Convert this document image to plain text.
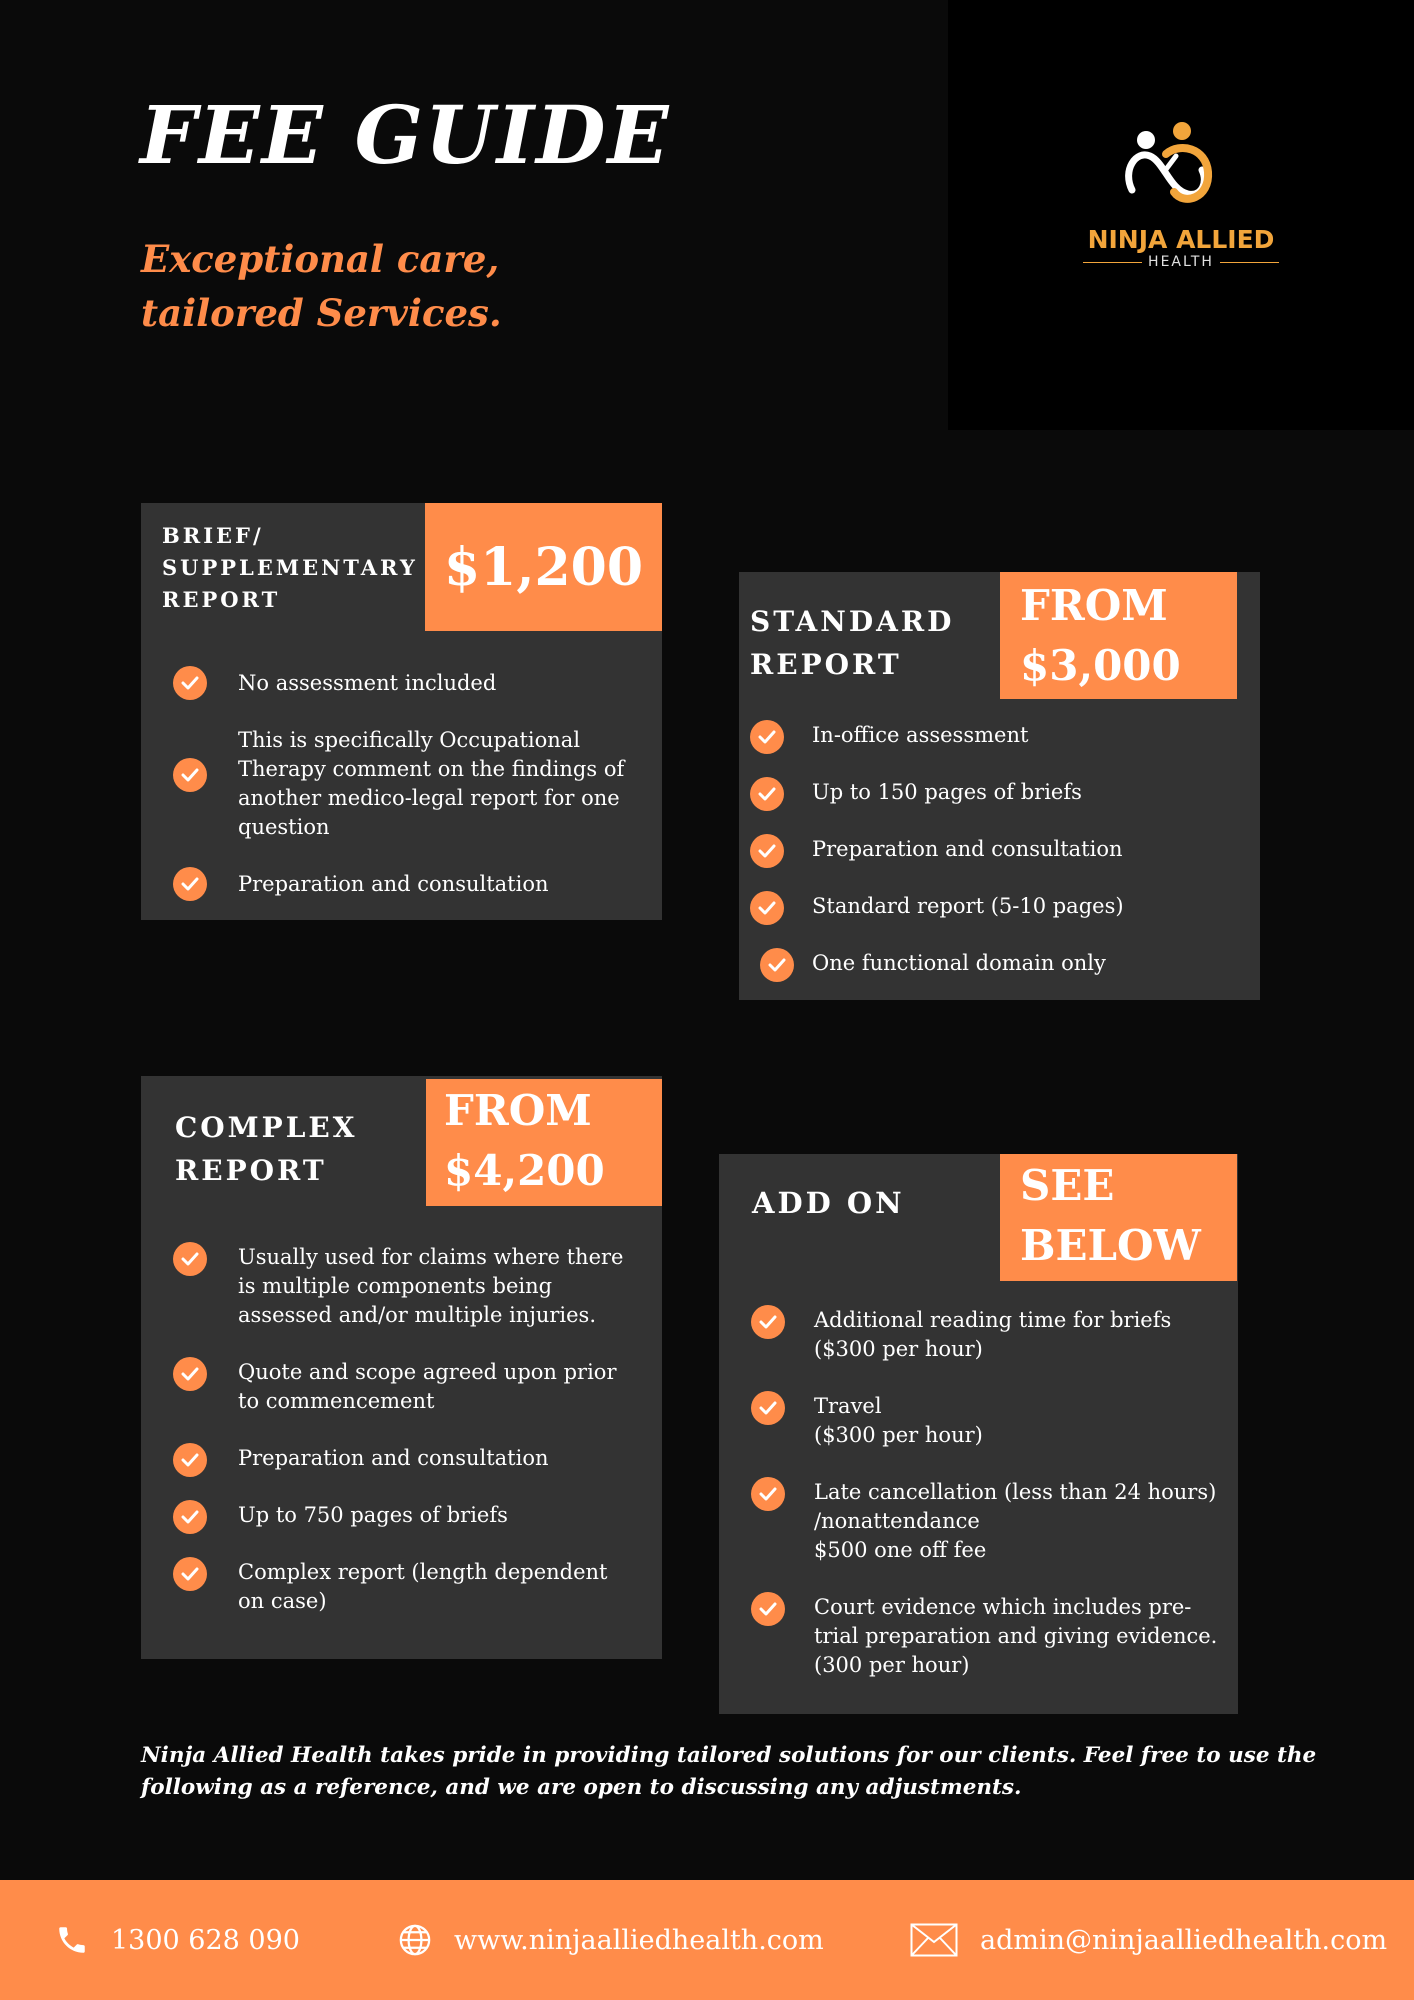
FEE GUIDE

Exceptional care,
tailored Services.

NINJA ALLIED
HEALTH

BRIEF/
SUPPLEMENTARY
REPORT

$1,200
No assessment included
This is specifically Occupational Therapy comment on the findings of another medico-legal report for one question
Preparation and consultation

STANDARD
REPORT

FROM
$3,000
In-office assessment
Up to 150 pages of briefs
Preparation and consultation
Standard report (5-10 pages)
One functional domain only

COMPLEX
REPORT

FROM
$4,200
Usually used for claims where there is multiple components being assessed and/or multiple injuries.
Quote and scope agreed upon prior to commencement
Preparation and consultation
Up to 750 pages of briefs
Complex report (length dependent on case)

ADD ON	SEE
BELOW
Additional reading time for briefs
($300 per hour)
Travel
($300 per hour)
Late cancellation (less than 24 hours)
/nonattendance
$500 one off fee
Court evidence which includes pre-
trial preparation and giving evidence.
(300 per hour)

Ninja Allied Health takes pride in providing tailored solutions for our clients. Feel free to use the following as a reference, and we are open to discussing any adjustments.

1300 628 090	www.ninjaalliedhealth.com	admin@ninjaalliedhealth.com
